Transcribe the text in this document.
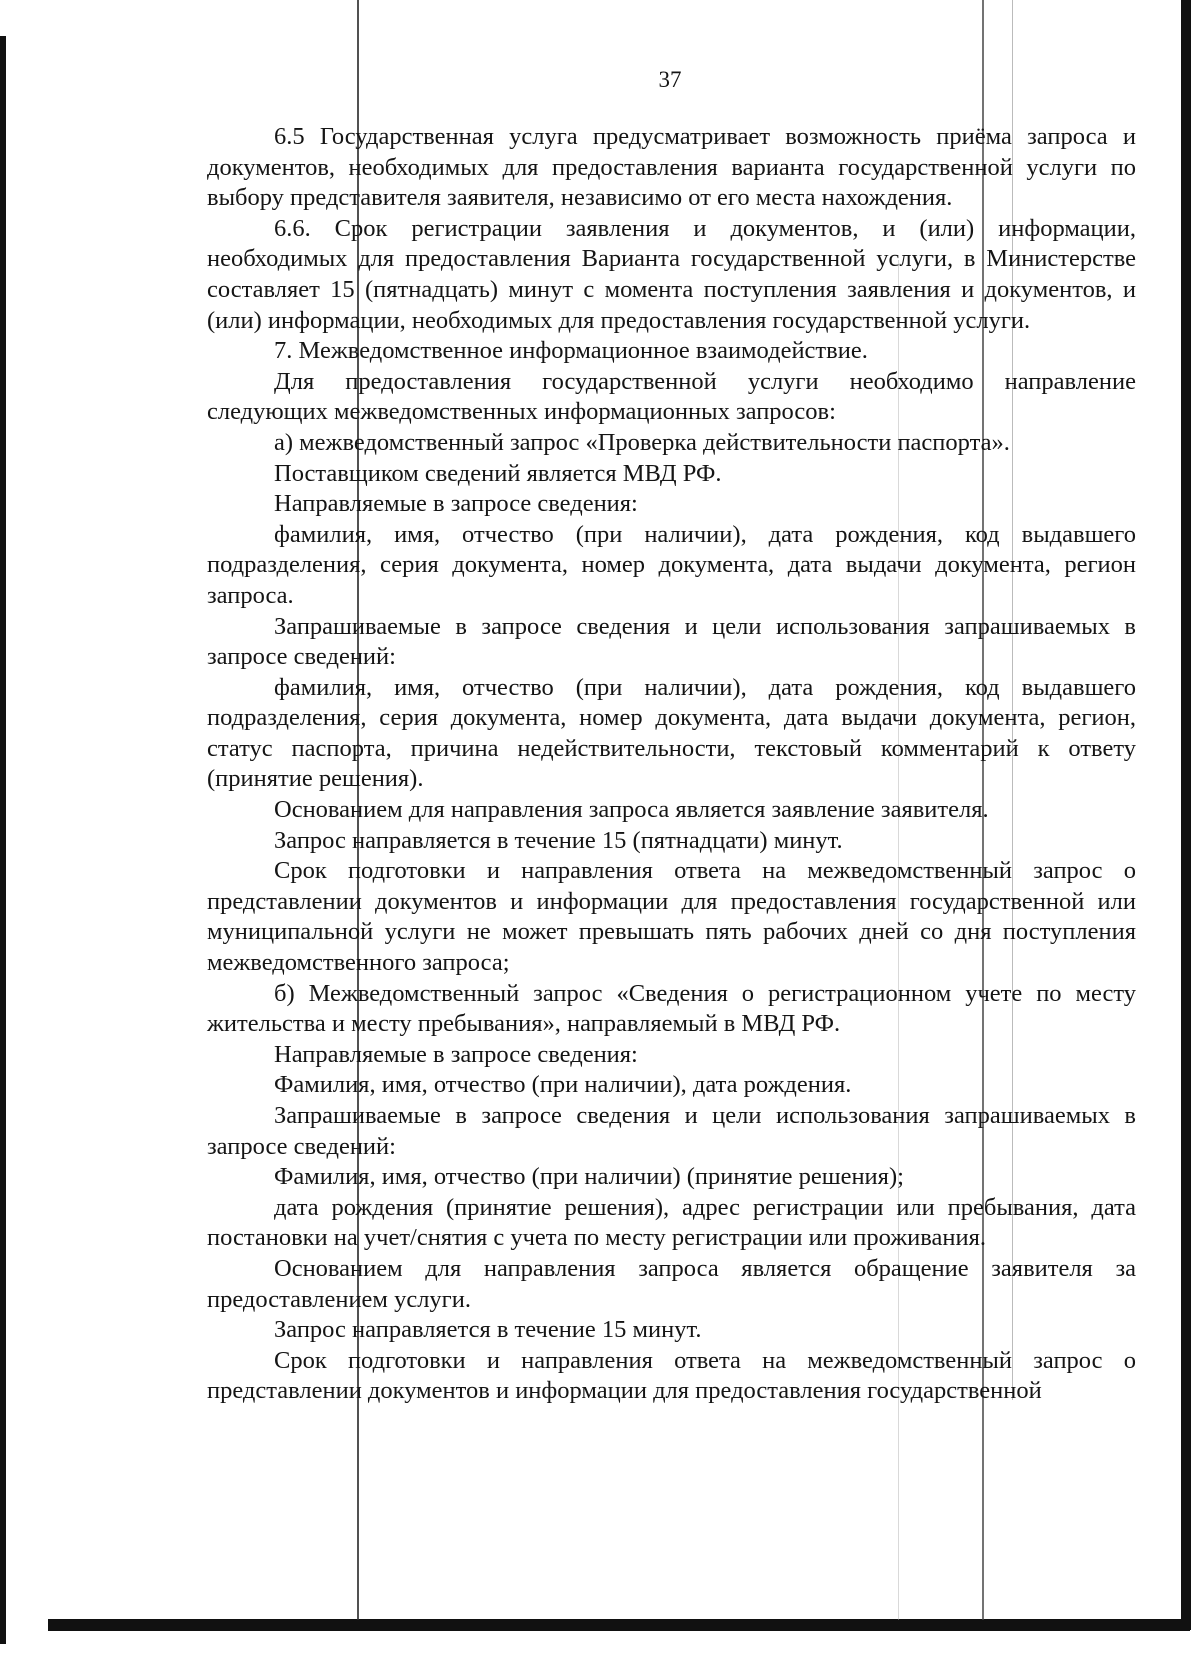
37

6.5 Государственная услуга предусматривает возможность приёма запроса и документов, необходимых для предоставления варианта государственной услуги по выбору представителя заявителя, независимо от его места нахождения.

6.6. Срок регистрации заявления и документов, и (или) информации, необходимых для предоставления Варианта государственной услуги, в Министерстве составляет 15 (пятнадцать) минут с момента поступления заявления и документов, и (или) информации, необходимых для предоставления государственной услуги.

7. Межведомственное информационное взаимодействие.

Для предоставления государственной услуги необходимо направление следующих межведомственных информационных запросов:

а) межведомственный запрос «Проверка действительности паспорта».

Поставщиком сведений является МВД РФ.

Направляемые в запросе сведения:

фамилия, имя, отчество (при наличии), дата рождения, код выдавшего подразделения, серия документа, номер документа, дата выдачи документа, регион запроса.

Запрашиваемые в запросе сведения и цели использования запрашиваемых в запросе сведений:

фамилия, имя, отчество (при наличии), дата рождения, код выдавшего подразделения, серия документа, номер документа, дата выдачи документа, регион, статус паспорта, причина недействительности, текстовый комментарий к ответу (принятие решения).

Основанием для направления запроса является заявление заявителя.

Запрос направляется в течение 15 (пятнадцати) минут.

Срок подготовки и направления ответа на межведомственный запрос о представлении документов и информации для предоставления государственной или муниципальной услуги не может превышать пять рабочих дней со дня поступления межведомственного запроса;

б) Межведомственный запрос «Сведения о регистрационном учете по месту жительства и месту пребывания», направляемый в МВД РФ.

Направляемые в запросе сведения:

Фамилия, имя, отчество (при наличии), дата рождения.

Запрашиваемые в запросе сведения и цели использования запрашиваемых в запросе сведений:

Фамилия, имя, отчество (при наличии) (принятие решения);

дата рождения (принятие решения), адрес регистрации или пребывания, дата постановки на учет/снятия с учета по месту регистрации или проживания.

Основанием для направления запроса является обращение заявителя за предоставлением услуги.

Запрос направляется в течение 15 минут.

Срок подготовки и направления ответа на межведомственный запрос о представлении документов и информации для предоставления государственной
